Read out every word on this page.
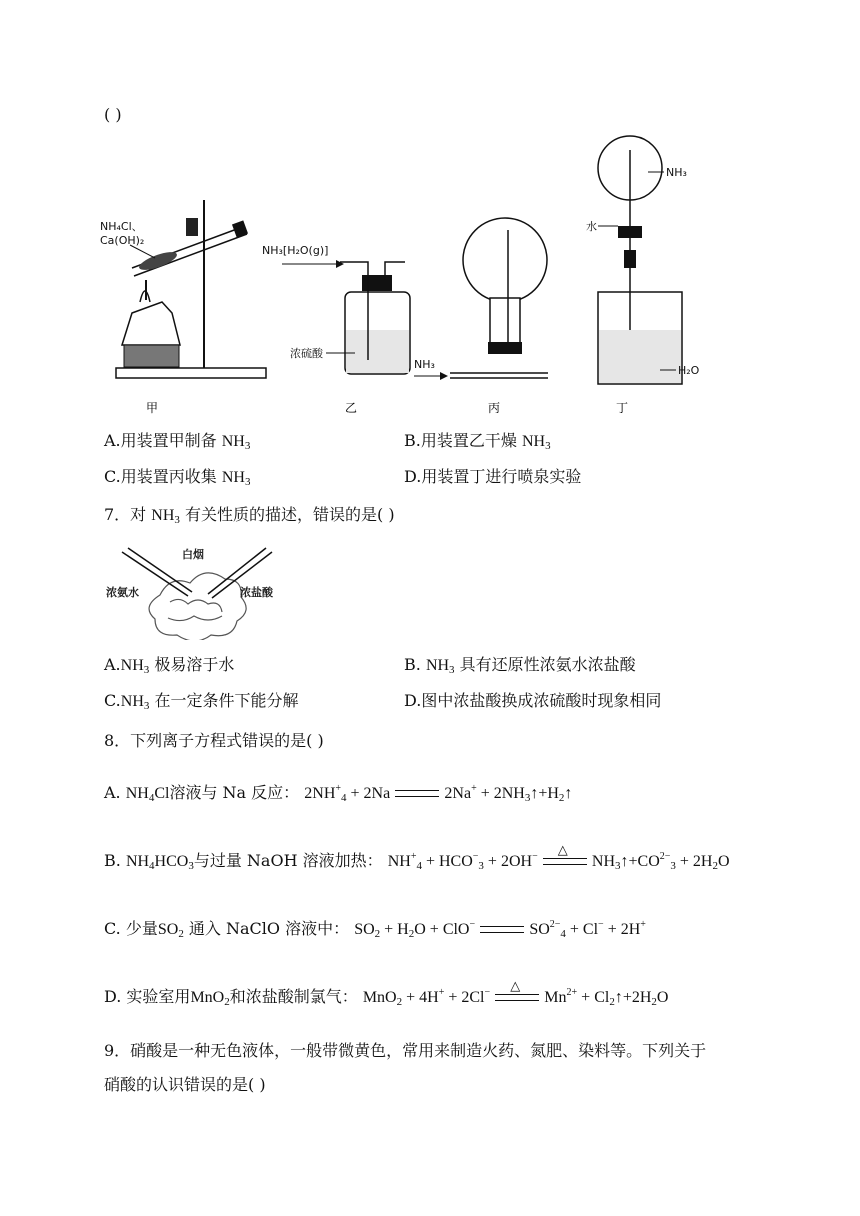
( )
NH₄Cl、
Ca(OH)₂
NH₃[H₂O(g)]
浓硫酸
NH₃
NH₃
水
H₂O
甲	乙	丙	丁
A.用装置甲制备 $NH_3$	B.用装置乙干燥 $NH_3$
C.用装置丙收集 $NH_3$	D.用装置丁进行喷泉实验
7．对 $NH_3$ 有关性质的描述，错误的是( )
白烟
浓氨水	浓盐酸
$A.NH_3$ 极易溶于水	B. $NH_3$ 具有还原性浓氨水浓盐酸
$C.NH_3$ 在一定条件下能分解	D.图中浓盐酸换成浓硫酸时现象相同
8．下列离子方程式错误的是( )
A. $NH_4Cl$溶液与 Na 反应： $2NH^+_4 + 2Na$	$2Na^+ + 2NH_3↑+H_2↑$
B. $NH_4HCO_3$与过量 NaOH 溶液加热： $NH^+_4 + HCO^-_3 + 2OH^-$ △
$NH_3↑+CO^{2-}_3 + 2H_2O$
C. 少量$SO_2$ 通入 NaClO 溶液中： $SO_2 + H_2O + ClO^-$	$SO^{2-}_4 + Cl^- + 2H^+$
D. 实验室用MnO$_2$和浓盐酸制氯气： MnO$_2$ + 4H+ + 2Cl− △
$Mn^{2+}$ + $Cl_2↑+2H_2O$
9．硝酸是一种无色液体，一般带微黄色，常用来制造火药、氮肥、染料等。下列关于
硝酸的认识错误的是( )
